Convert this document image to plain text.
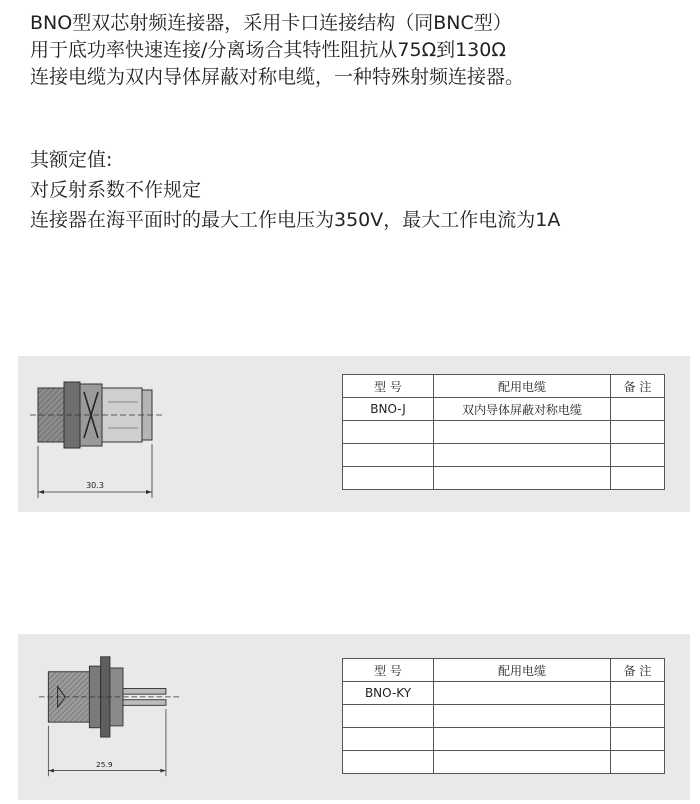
BNO型双芯射频连接器，采用卡口连接结构（同BNC型）
用于底功率快速连接/分离场合其特性阻抗从75Ω到130Ω
连接电缆为双内导体屏蔽对称电缆，一种特殊射频连接器。
其额定值:
对反射系数不作规定
连接器在海平面时的最大工作电压为350V，最大工作电流为1A
30.3
型 号	配用电缆	备 注
BNO-J	双内导体屏蔽对称电缆	

25.9
型 号	配用电缆	备 注
BNO-KY		
